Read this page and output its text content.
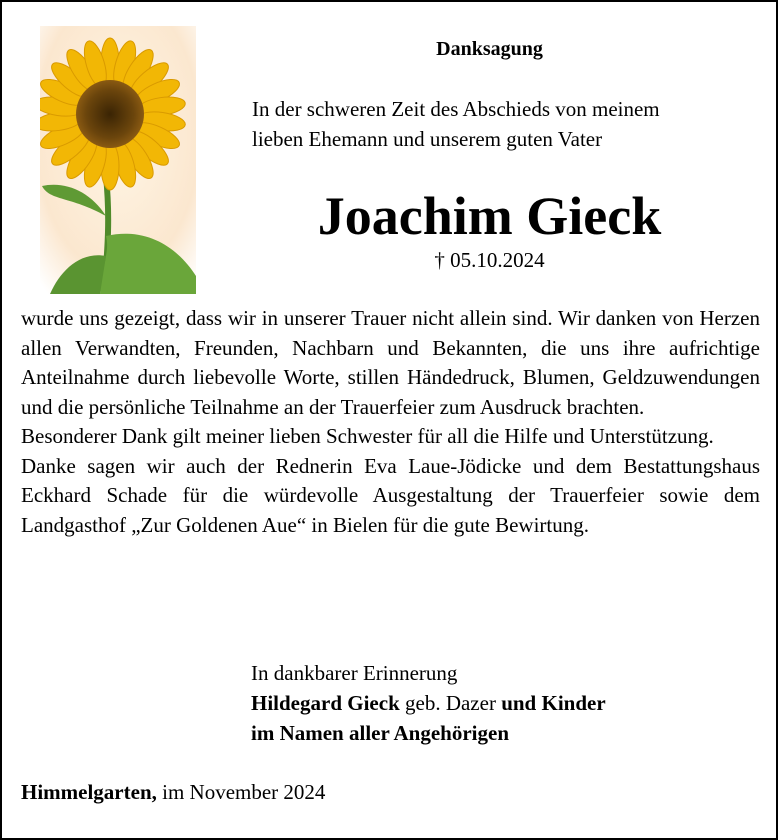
Danksagung
In der schweren Zeit des Abschieds von meinem
lieben Ehemann und unserem guten Vater
Joachim Gieck
† 05.10.2024

wurde uns gezeigt, dass wir in unserer Trauer nicht allein sind. Wir danken von Herzen allen Verwandten, Freunden, Nachbarn und Bekannten, die uns ihre aufrichtige Anteilnahme durch liebevolle Worte, stillen Händedruck, Blumen, Geldzuwendungen und die persönliche Teilnahme an der Trauerfeier zum Ausdruck brachten.

Besonderer Dank gilt meiner lieben Schwester für all die Hilfe und Unterstützung.

Danke sagen wir auch der Rednerin Eva Laue-Jödicke und dem Bestattungshaus Eckhard Schade für die würdevolle Ausgestaltung der Trauerfeier sowie dem Landgasthof „Zur Goldenen Aue“ in Bielen für die gute Bewirtung.

In dankbarer Erinnerung
Hildegard Gieck geb. Dazer und Kinder
im Namen aller Angehörigen
Himmelgarten, im November 2024
